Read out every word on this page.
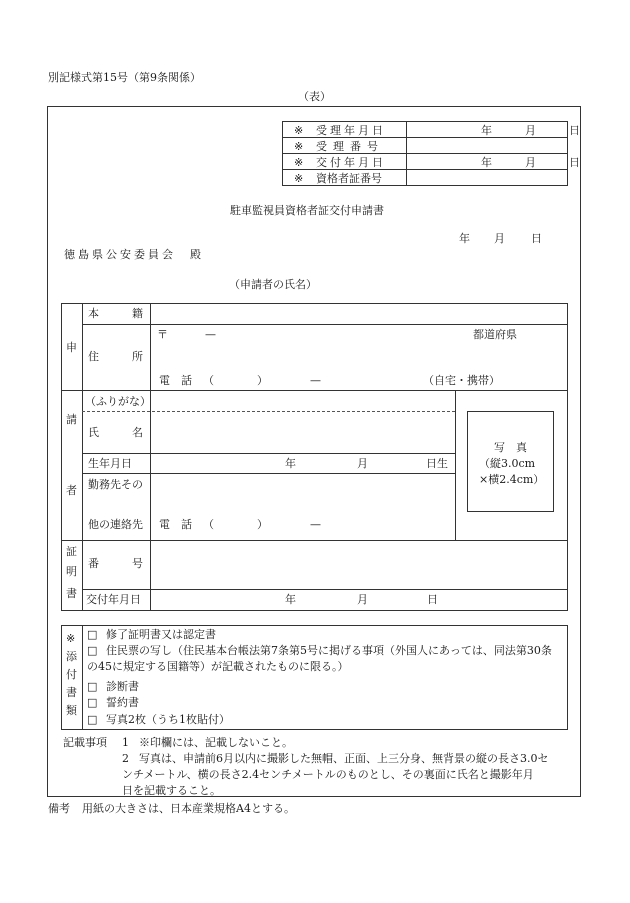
別記様式第15号（第9条関係）
（表）
※ 受理年月日	年　　　月　　　日
※ 受理番号
※ 交付年月日	年　　　月　　　日
※ 資格者証番号
駐車監視員資格者証交付申請書
年 月 日
徳島県公安委員会　殿
（申請者の氏名）
申
請
者
本　　　籍
住　　　所
〒	—	都道府県
電　話 （	）	—	（自宅・携帯）
（ふりがな）
氏　　　名
生年月日	年	月	日生
勤務先その
他の連絡先 電　話 （	）	—
写　真
（縦3.0cm
×横2.4cm）
証
明
書
番　　　号
交付年月日	年	月	日
※
添
付
書
類
□ 修了証明書又は認定書
□ 住民票の写し（住民基本台帳法第7条第5号に掲げる事項（外国人にあっては、同法第30条
の45に規定する国籍等）が記載されたものに限る。）
□ 診断書
□ 誓約書
□ 写真2枚（うち1枚貼付）
記載事項 1 ※印欄には、記載しないこと。
2 写真は、申請前6月以内に撮影した無帽、正面、上三分身、無背景の縦の長さ3.0セ
ンチメートル、横の長さ2.4センチメートルのものとし、その裏面に氏名と撮影年月
日を記載すること。
備考 用紙の大きさは、日本産業規格A4とする。
